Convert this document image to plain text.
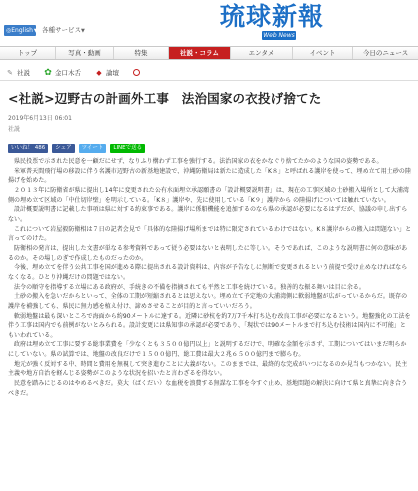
◎English▼ 各種サービス▼	琉球新報
Web News
トップ	写真・動画	特集	社説・コラム	エンタメ	イベント	今日のニュース
✎ 社説 ✿ 金口木舌 ◆ 論壇
<社説>辺野古の計画外工事　法治国家の衣投げ捨てた
2019年6月13日 06:01
社説
いいね！ 486	シェア	ツイート	LINEで送る

県民投票で示された民意を一顧だにせず、なりふり構わず工事を強行する。法治国家の衣をかなぐり捨てたかのような国の姿勢である。

米軍普天間飛行場の移設に伴う名護市辺野古の新基地建設で、沖縄防衛局は新たに造成した「K８」と呼ばれる護岸を使って、埋め立て用土砂の陸揚げを始めた。

２０１３年に防衛省が県に提出し14年に変更された公有水面埋立承認願書の「設計概要説明書」は、現在の工事区域の土砂搬入場所として大浦湾側の埋め立て区域の「中仕切岸壁」を明示している。「K８」護岸や、先に使用している「K９」護岸から の陸揚げについては触れていない。

設計概要説明書に記載した事項は県に対する約束事である。護岸に係船機能を追加するのなら県の承認が必要になるはずだが、協議の申し出すらない。

これについて岩屋毅防衛相は７日の記者会見で「具体的な陸揚げ場所までは特に限定されているわけではない。K８護岸からの搬入は問題ない」と言ってのけた。

防衛相の発言は、提出した文書が単なる参考資料であって従う必要はないと表明したに等しい。そうであれば、このような説明書に何の意味があるのか。その場しのぎで作成したものだったのか。

今後、埋め立てを伴う公共工事を国が進める際に提出される設計資料は、内容が予告なしに無断で変更されるという前提で受け止めなければならなくなる。ひとり沖縄だけの問題ではない。

法令の順守を指導する立場にある政府が、手続きの不備を指摘されても平然と工事を続けている。独善的な振る舞いは目に余る。

土砂の搬入を急いだからといって、全体の工期が短縮されるとは思えない。埋め立て予定地の大浦湾側に軟弱地盤が広がっているからだ。既存の護岸を補強しても、県民に無力感を植え付け、諦めさせることが目的と言っていいだろう。

軟弱地盤は最も深いところで海面から約90メートルに達する。近隣に砂杭を約7万7千本打ち込む改良工事が必要になるという。地盤強化の工法を伴う工事は国内でも前例がないとみられる。設計変更には県知事の承認が必要であり、「現状では90メートルまで打ち込む技術は国内に不可能」ともいわれている。

政府は埋め立て工事に要する総事業費を「少なくとも３５００億円以上」と説明するだけで、明確な金額を示さず、工期についてはいまだ明らかにしていない。県の試算では、地盤の改良だけで１５００億円、総工費は最大２兆６５００億円まで膨らむ。

地元が強く反対する中、時間と費用を無視して突き進むことに大義がない。このままでは、最終的な完成がいつになるのか見当もつかない。民主主義や地方自治を軽んじる姿勢がこのような状況を招いたと言わざるを得ない。

民意を踏みにじるのはやめるべきだ。莫大（ばくだい）な血税を浪費する無謀な工事を今すぐ止め、基地問題の解決に向けて県と真摯に向き合うべきだ。
